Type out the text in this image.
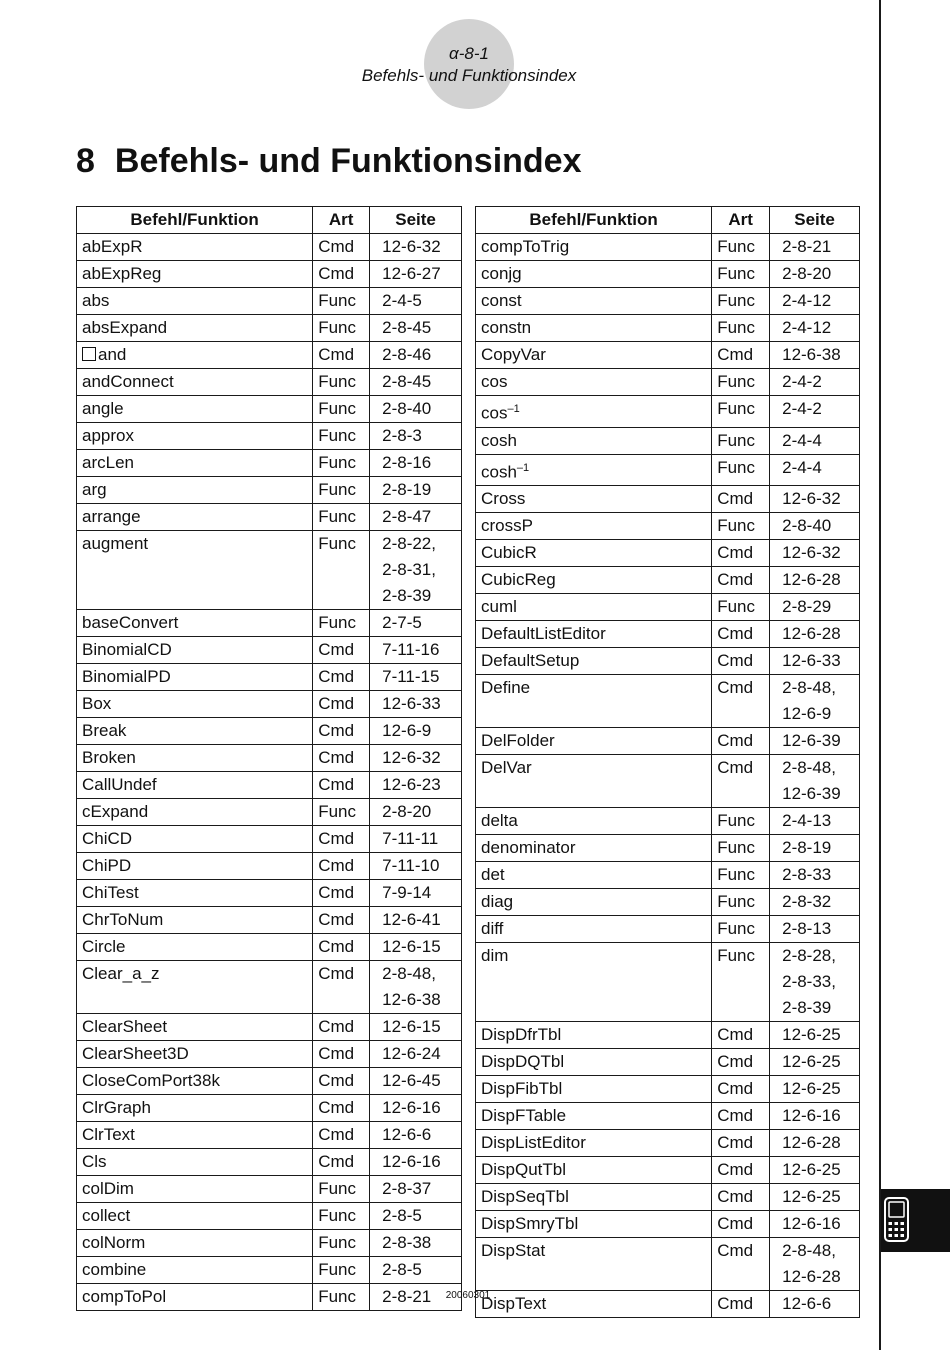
α-8-1
Befehls- und Funktionsindex
8 Befehls- und Funktionsindex
Befehl/Funktion	Art	Seite
abExpR	Cmd	12-6-32

abExpReg	Cmd	12-6-27

abs	Func	2-4-5

absExpand	Func	2-8-45

and	Cmd	2-8-46

andConnect	Func	2-8-45

angle	Func	2-8-40

approx	Func	2-8-3

arcLen	Func	2-8-16

arg	Func	2-8-19

arrange	Func	2-8-47

augment	Func	2-8-22,
2-8-31,
2-8-39

baseConvert	Func	2-7-5

BinomialCD	Cmd	7-11-16

BinomialPD	Cmd	7-11-15

Box	Cmd	12-6-33

Break	Cmd	12-6-9

Broken	Cmd	12-6-32

CallUndef	Cmd	12-6-23

cExpand	Func	2-8-20

ChiCD	Cmd	7-11-11

ChiPD	Cmd	7-11-10

ChiTest	Cmd	7-9-14

ChrToNum	Cmd	12-6-41

Circle	Cmd	12-6-15

Clear_a_z	Cmd	2-8-48,
12-6-38

ClearSheet	Cmd	12-6-15

ClearSheet3D	Cmd	12-6-24

CloseComPort38k	Cmd	12-6-45

ClrGraph	Cmd	12-6-16

ClrText	Cmd	12-6-6

Cls	Cmd	12-6-16

colDim	Func	2-8-37

collect	Func	2-8-5

colNorm	Func	2-8-38

combine	Func	2-8-5

compToPol	Func	2-8-21
Befehl/Funktion	Art	Seite
compToTrig	Func	2-8-21

conjg	Func	2-8-20

const	Func	2-4-12

constn	Func	2-4-12

CopyVar	Cmd	12-6-38

cos	Func	2-4-2

$\cos^{-1}$	Func	2-4-2

cosh	Func	2-4-4

$\cosh^{-1}$	Func	2-4-4

Cross	Cmd	12-6-32

crossP	Func	2-8-40

CubicR	Cmd	12-6-32

CubicReg	Cmd	12-6-28

cuml	Func	2-8-29

DefaultListEditor	Cmd	12-6-28

DefaultSetup	Cmd	12-6-33

Define	Cmd	2-8-48,
12-6-9

DelFolder	Cmd	12-6-39

DelVar	Cmd	2-8-48,
12-6-39

delta	Func	2-4-13

denominator	Func	2-8-19

det	Func	2-8-33

diag	Func	2-8-32

diff	Func	2-8-13

dim	Func	2-8-28,
2-8-33,
2-8-39

DispDfrTbl	Cmd	12-6-25

DispDQTbl	Cmd	12-6-25

DispFibTbl	Cmd	12-6-25

DispFTable	Cmd	12-6-16

DispListEditor	Cmd	12-6-28

DispQutTbl	Cmd	12-6-25

DispSeqTbl	Cmd	12-6-25

DispSmryTbl	Cmd	12-6-16

DispStat	Cmd	2-8-48,
12-6-28

DispText	Cmd	12-6-6
20060301
